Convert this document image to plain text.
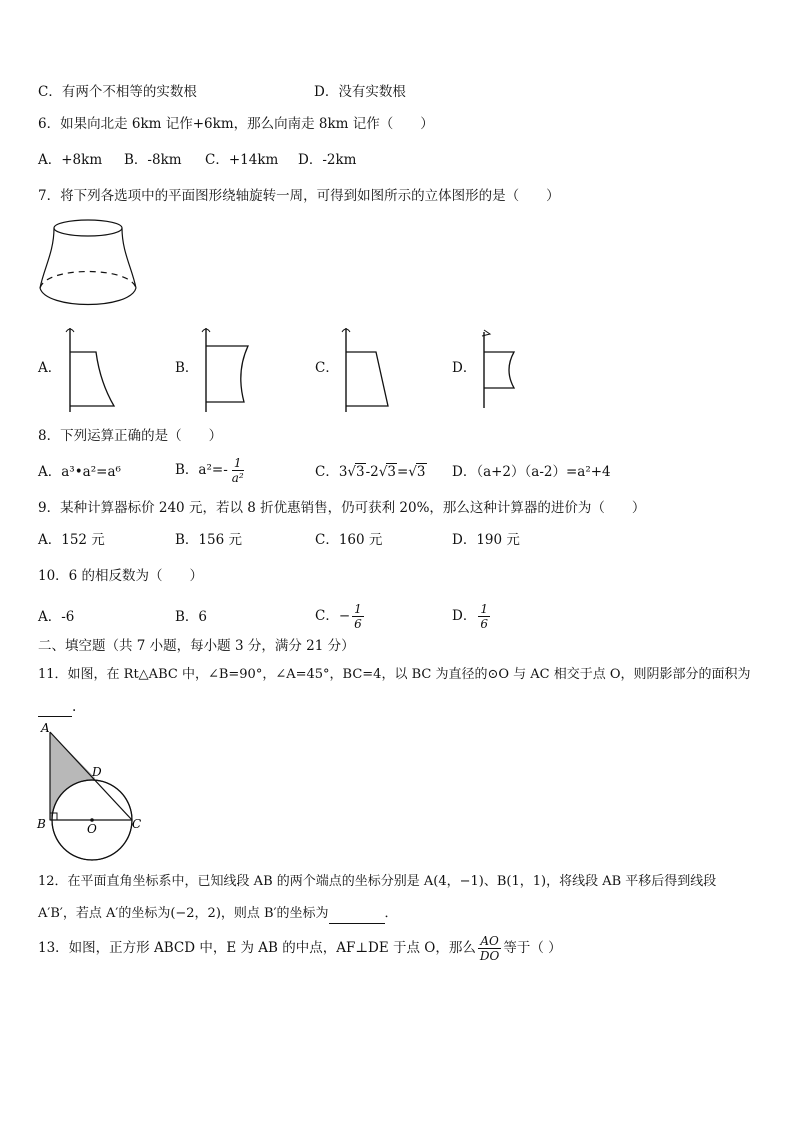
C．有两个不相等的实数根	D．没有实数根
6．如果向北走 6km 记作+6km，那么向南走 8km 记作（　　）
A．+8km B．-8km C．+14km D．-2km
7．将下列各选项中的平面图形绕轴旋转一周，可得到如图所示的立体图形的是（　　）
A．	B．	C．	D．
8．下列运算正确的是（　　）
A．a³•a²=a⁶	B．$a^2=- \frac{1}{\text{a²}}$	C．3√3-2√3=√3 D．（a+2）（a-2）=a²+4
9．某种计算器标价 240 元，若以 8 折优惠销售，仍可获利 20%，那么这种计算器的进价为（　　）
A．152 元	B．156 元	C．160 元	D．190 元
10．6 的相反数为（　　）
A．-6	B．6	C．− $\frac{1}{6}$	D． $\frac{1}{6}$
二、填空题（共 7 小题，每小题 3 分，满分 21 分）
11．如图，在 Rt△ABC 中，∠B=90°，∠A=45°，BC=4，以 BC 为直径的⊙O 与 AC 相交于点 O，则阴影部分的面积为
.
A
D
B	O	C
12．在平面直角坐标系中，已知线段 AB 的两个端点的坐标分别是 A(4，−1)、B(1，1)，将线段 AB 平移后得到线段
A′B′，若点 A′的坐标为(−2，2)，则点 B′的坐标为	．
13．如图，正方形 ABCD 中，E 为 AB 的中点，AF⊥DE 于点 O，那么 $\frac{AO}{DO}$ 等于（ ）
